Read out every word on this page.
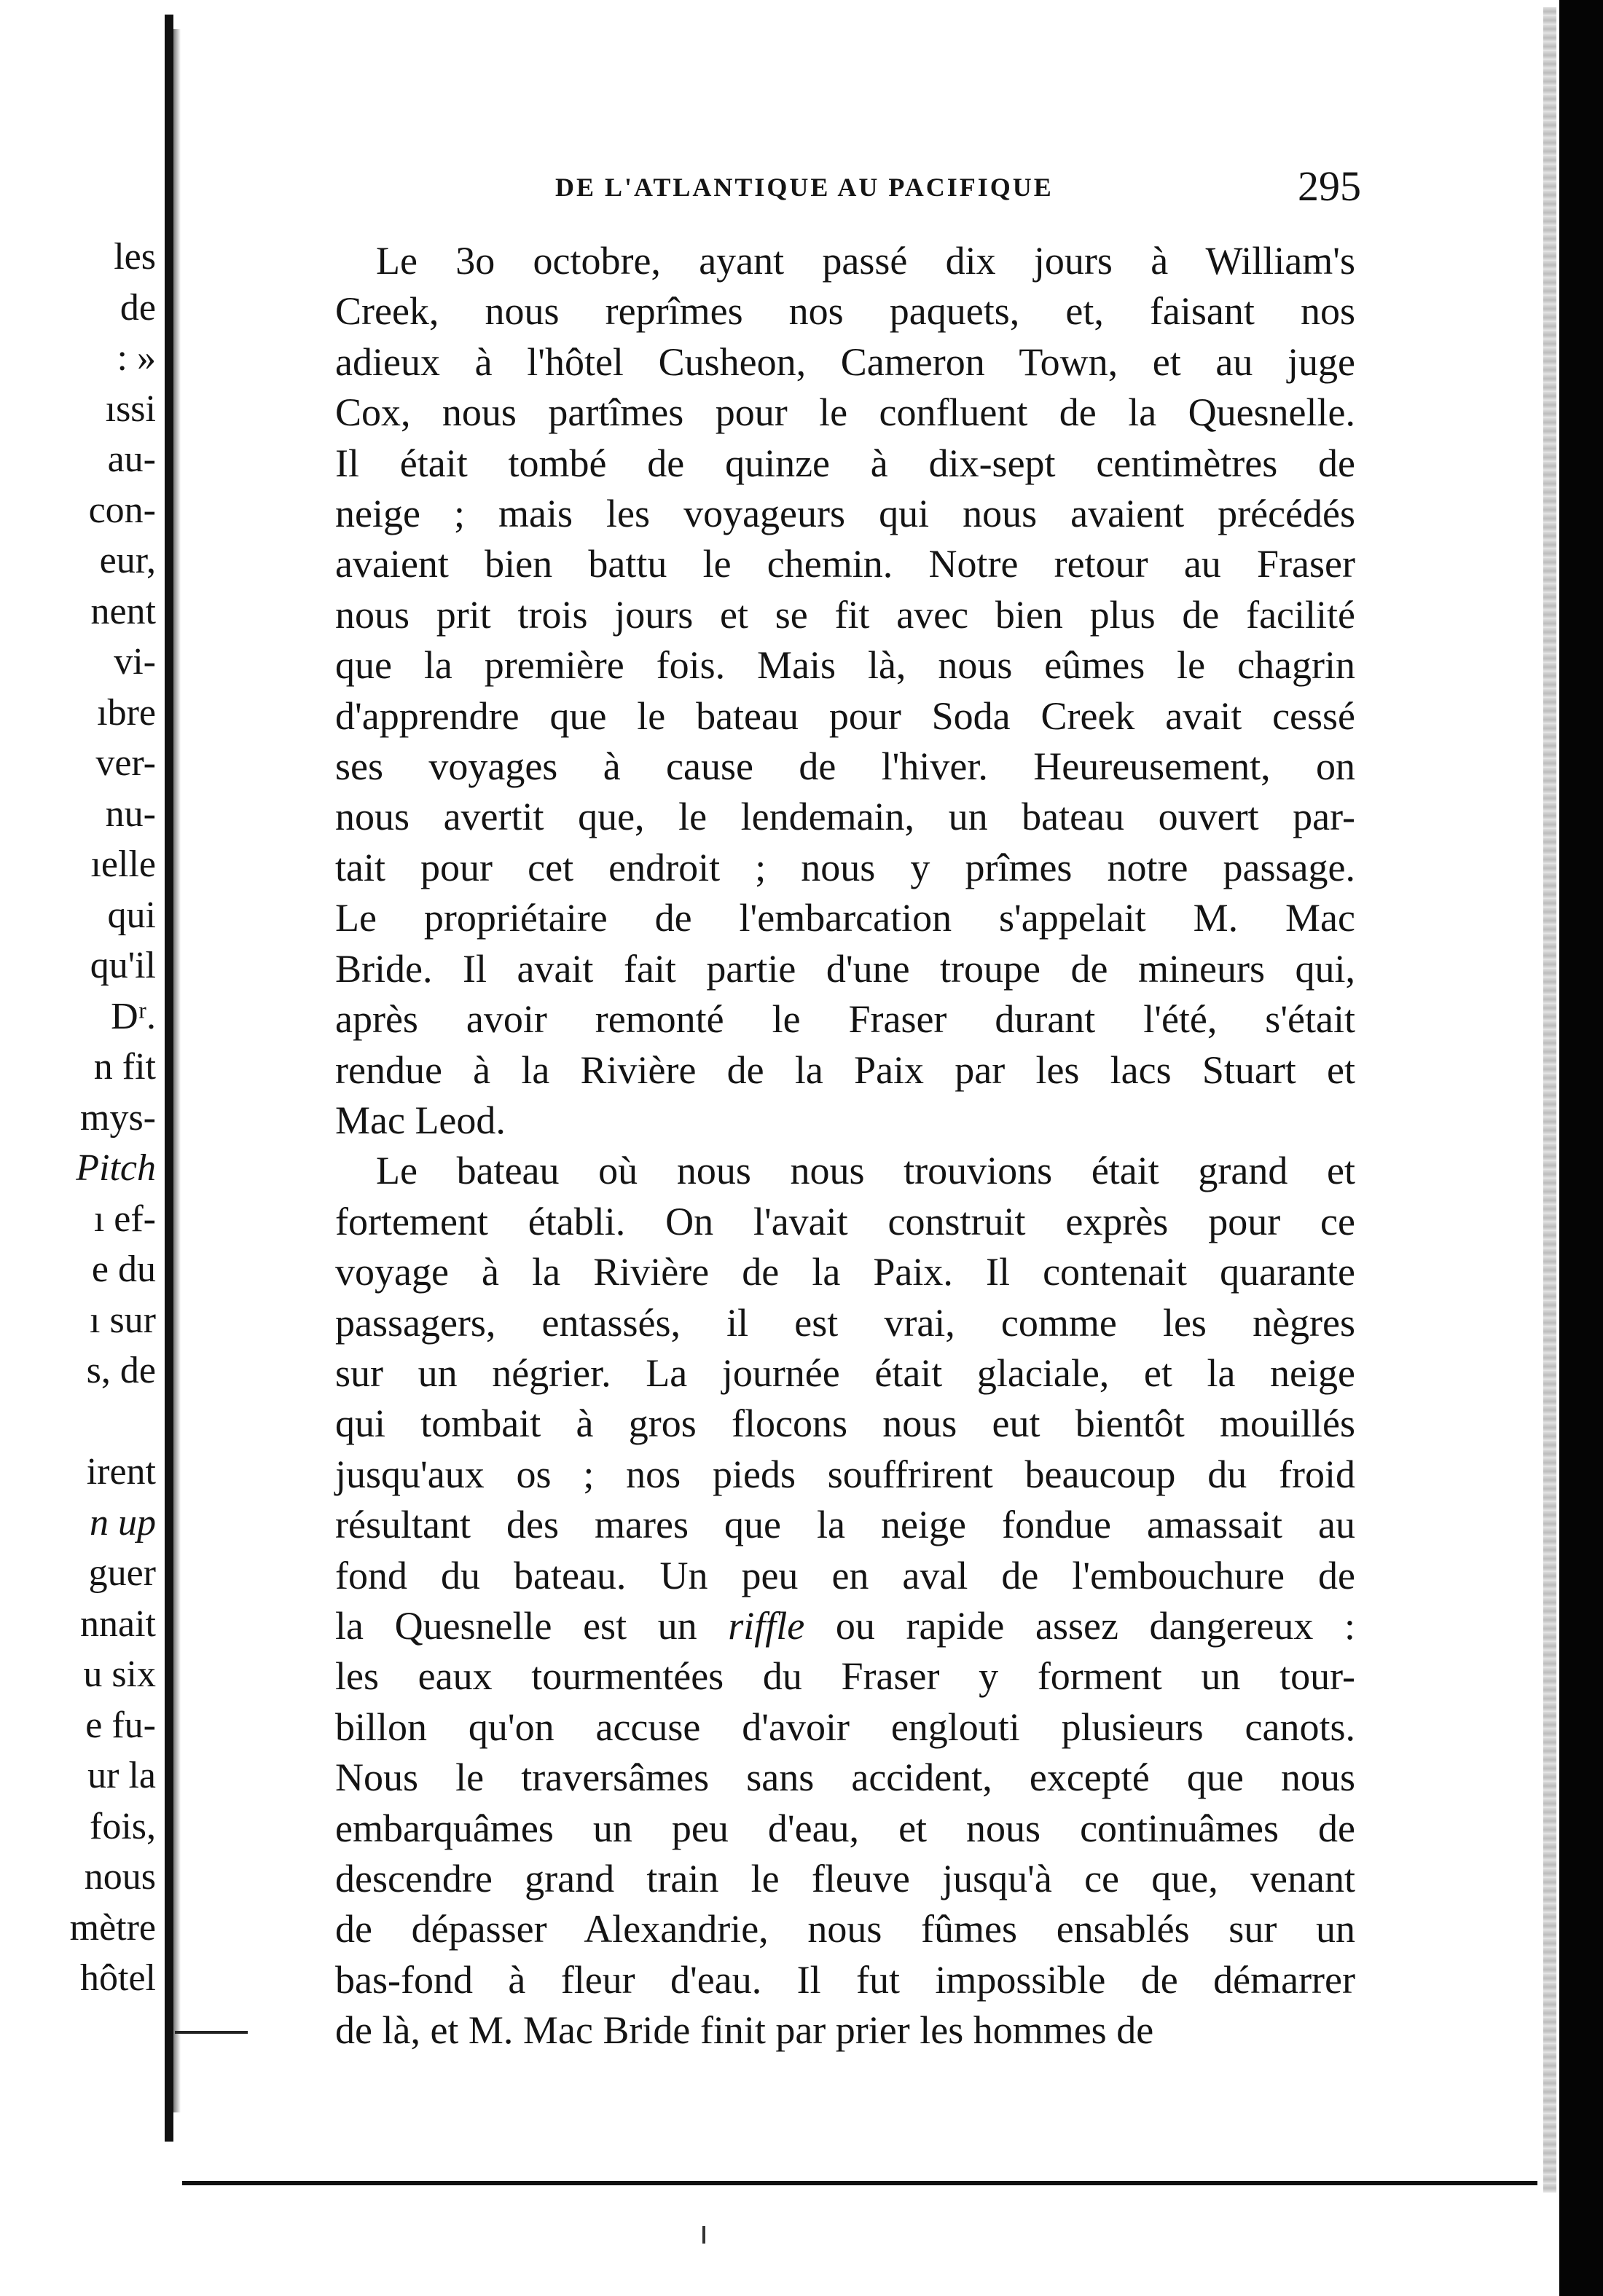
les
de
: »
ıssi
au-
con-
eur,
nent
vi-
ıbre
ver-
nu-
ıelle
qui
qu'il
Dʳ.
n fit
mys-
Pitch
ı ef-
e du
ı sur
s, de
irent
n up
guer
nnait
u six
e fu-
ur la
fois,
nous
mètre
hôtel
DE L'ATLANTIQUE AU PACIFIQUE	295
Le 3o octobre, ayant passé dix jours à William's
Creek, nous reprîmes nos paquets, et, faisant nos
adieux à l'hôtel Cusheon, Cameron Town, et au juge
Cox, nous partîmes pour le confluent de la Quesnelle.
Il était tombé de quinze à dix-sept centimètres de
neige ; mais les voyageurs qui nous avaient précédés
avaient bien battu le chemin. Notre retour au Fraser
nous prit trois jours et se fit avec bien plus de facilité
que la première fois. Mais là, nous eûmes le chagrin
d'apprendre que le bateau pour Soda Creek avait cessé
ses voyages à cause de l'hiver. Heureusement, on
nous avertit que, le lendemain, un bateau ouvert par-
tait pour cet endroit ; nous y prîmes notre passage.
Le propriétaire de l'embarcation s'appelait M. Mac
Bride. Il avait fait partie d'une troupe de mineurs qui,
après avoir remonté le Fraser durant l'été, s'était
rendue à la Rivière de la Paix par les lacs Stuart et
Mac Leod.
Le bateau où nous nous trouvions était grand et
fortement établi. On l'avait construit exprès pour ce
voyage à la Rivière de la Paix. Il contenait quarante
passagers, entassés, il est vrai, comme les nègres
sur un négrier. La journée était glaciale, et la neige
qui tombait à gros flocons nous eut bientôt mouillés
jusqu'aux os ; nos pieds souffrirent beaucoup du froid
résultant des mares que la neige fondue amassait au
fond du bateau. Un peu en aval de l'embouchure de
la Quesnelle est un riffle ou rapide assez dangereux :
les eaux tourmentées du Fraser y forment un tour-
billon qu'on accuse d'avoir englouti plusieurs canots.
Nous le traversâmes sans accident, excepté que nous
embarquâmes un peu d'eau, et nous continuâmes de
descendre grand train le fleuve jusqu'à ce que, venant
de dépasser Alexandrie, nous fûmes ensablés sur un
bas-fond à fleur d'eau. Il fut impossible de démarrer
de là, et M. Mac Bride finit par prier les hommes de
